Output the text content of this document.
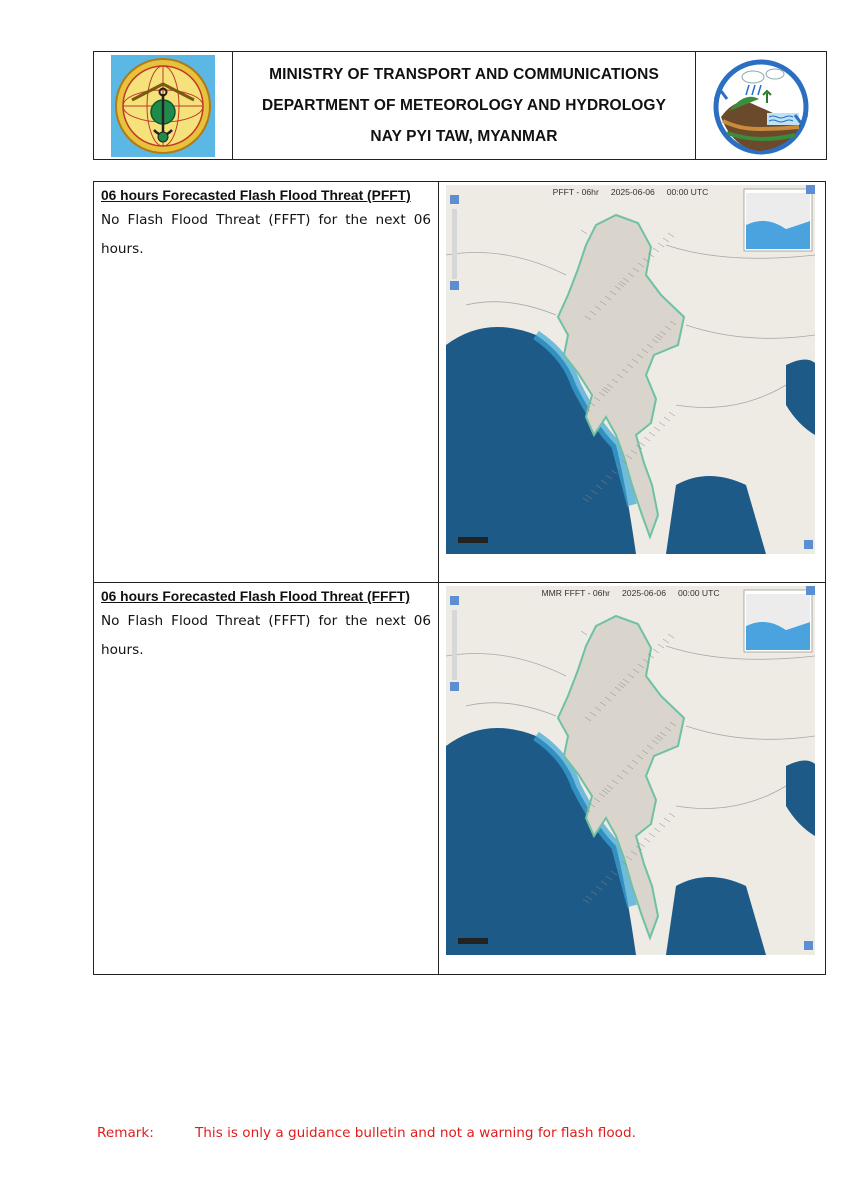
MINISTRY OF TRANSPORT AND COMMUNICATIONS
DEPARTMENT OF METEOROLOGY AND HYDROLOGY
NAY PYI TAW, MYANMAR
06 hours Forecasted Flash Flood Threat (PFFT)
No Flash Flood Threat (FFFT) for the next 06 hours.
PFFT - 06hr 2025-06-06 00:00 UTC
06 hours Forecasted Flash Flood Threat (FFFT)
No Flash Flood Threat (FFFT) for the next 06 hours.
MMR FFFT - 06hr 2025-06-06 00:00 UTC
Remark:	This is only a guidance bulletin and not a warning for flash flood.
